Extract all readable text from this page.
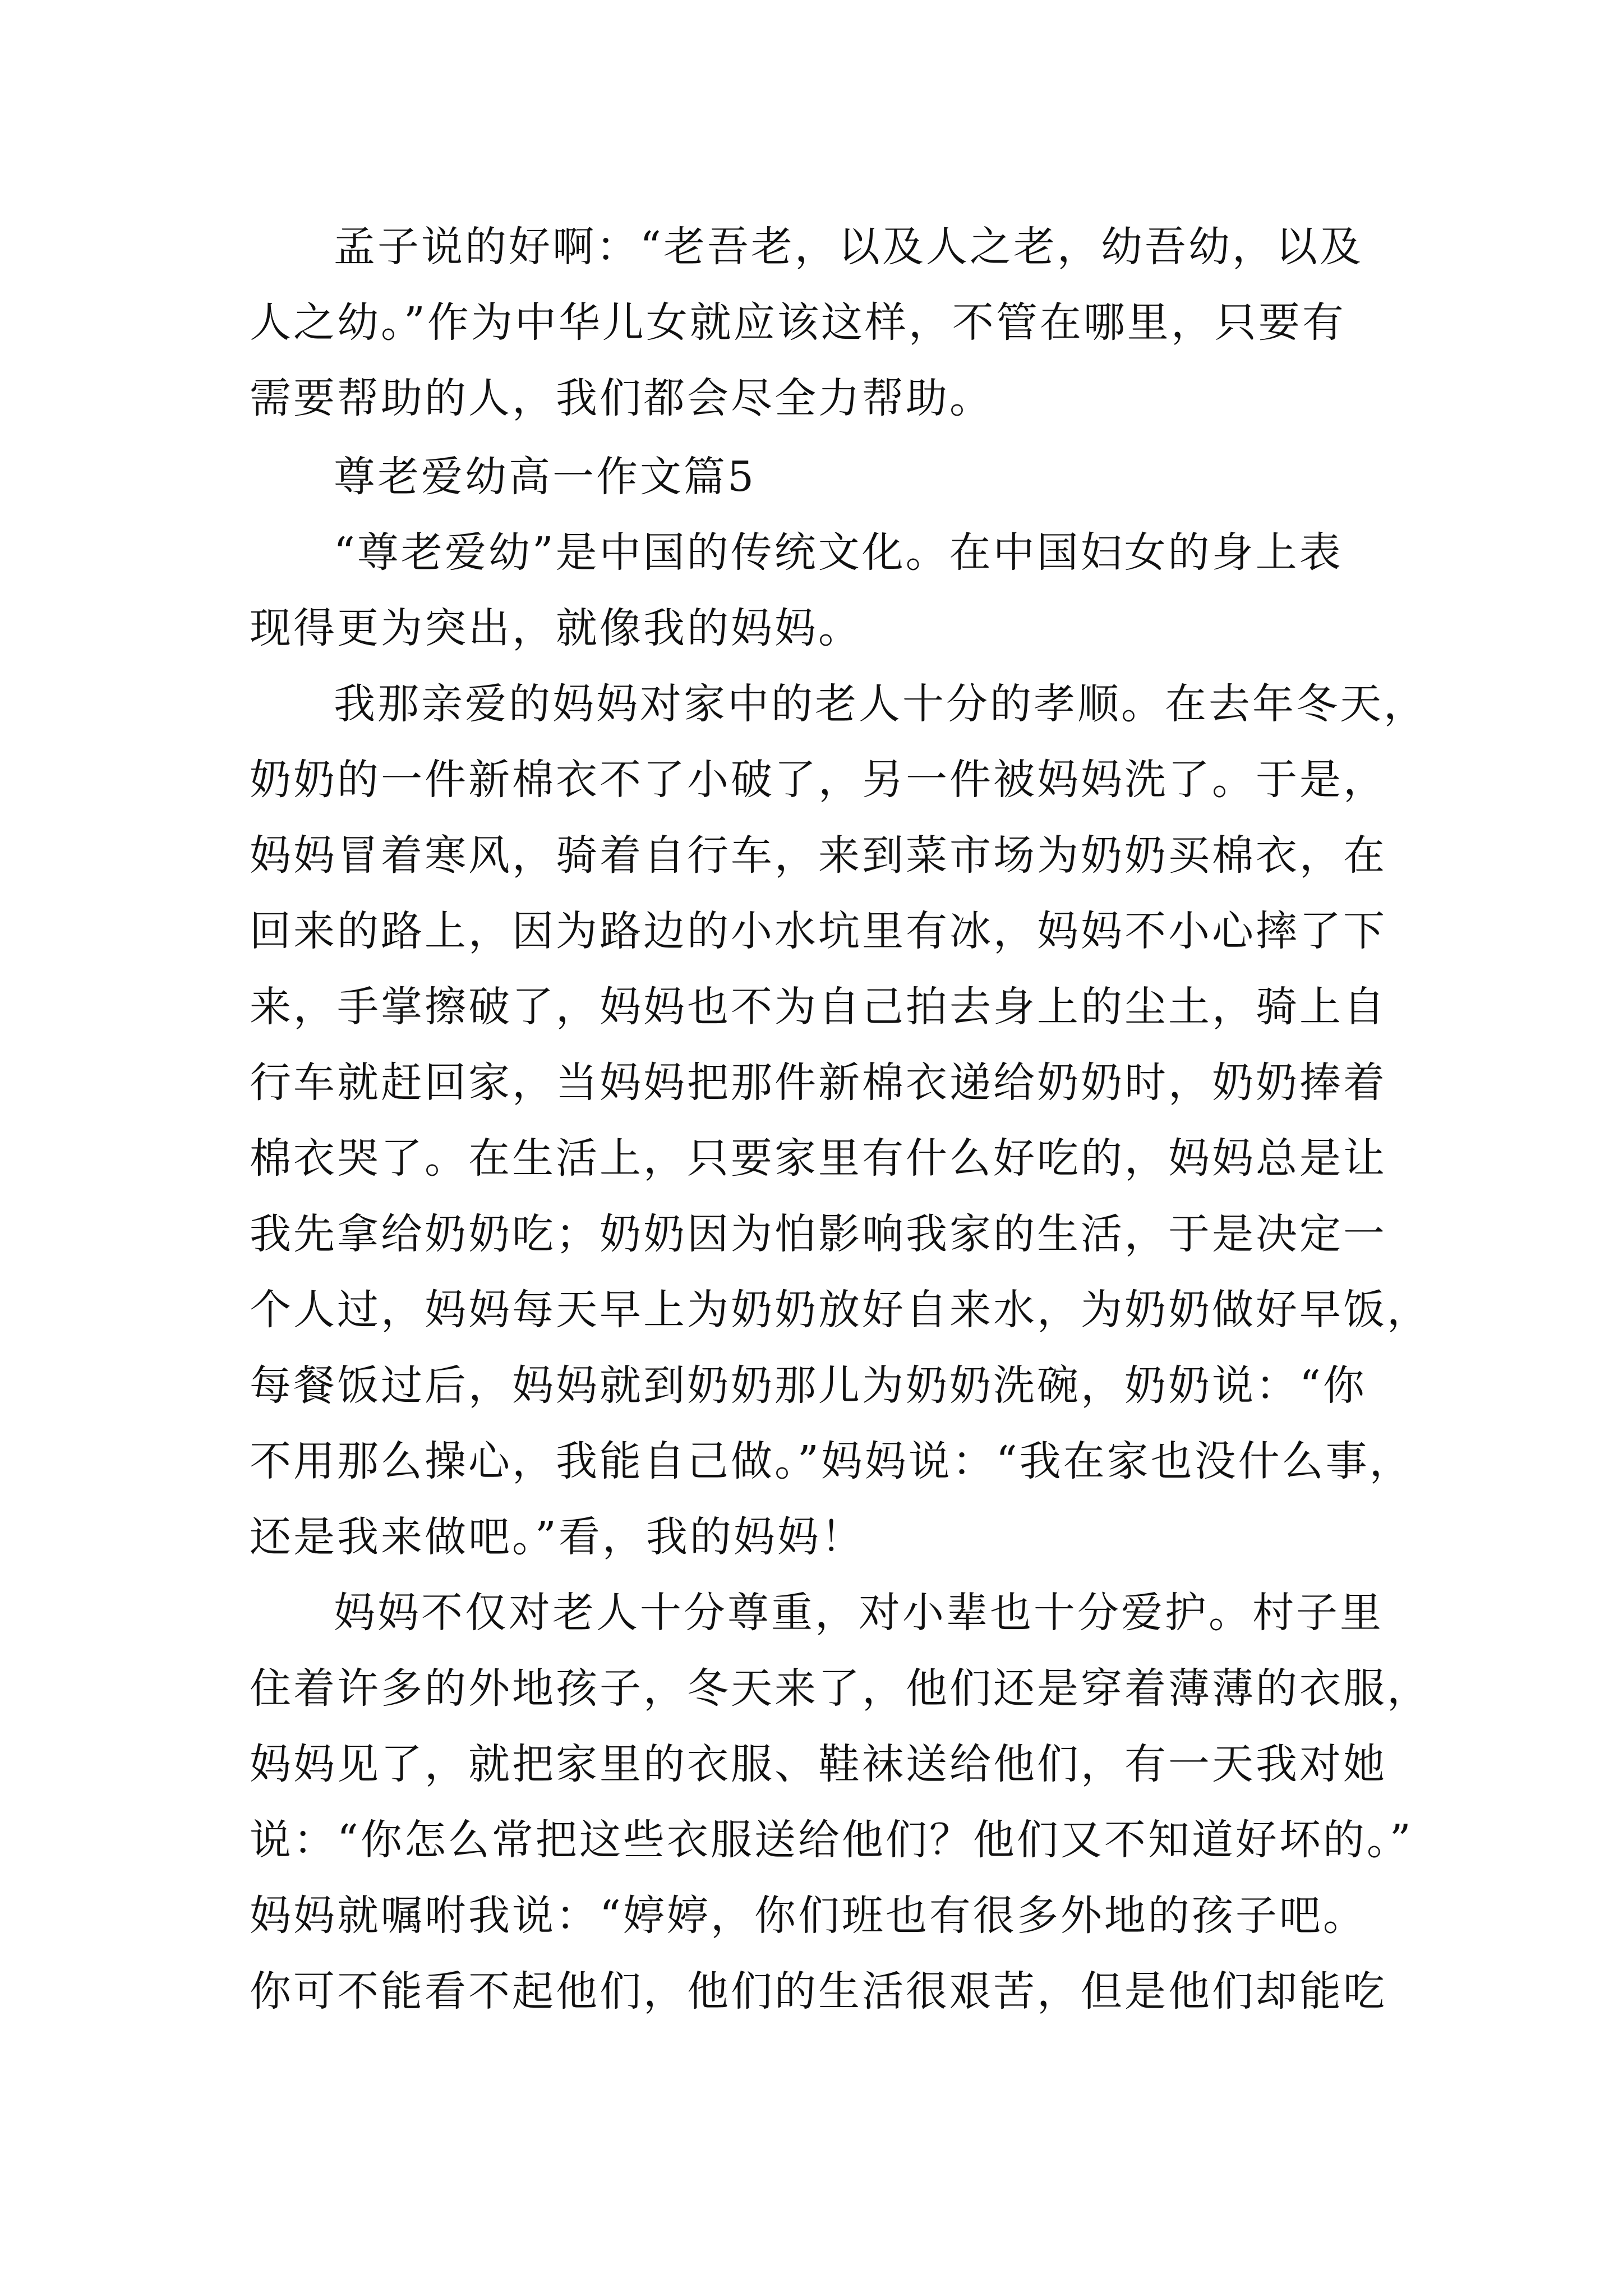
孟子说的好啊：“老吾老，以及人之老，幼吾幼，以及
人之幼。”作为中华儿女就应该这样，不管在哪里，只要有
需要帮助的人，我们都会尽全力帮助。
尊老爱幼高一作文篇5
“尊老爱幼”是中国的传统文化。在中国妇女的身上表
现得更为突出，就像我的妈妈。
我那亲爱的妈妈对家中的老人十分的孝顺。在去年冬天，
奶奶的一件新棉衣不了小破了，另一件被妈妈洗了。于是，
妈妈冒着寒风，骑着自行车，来到菜市场为奶奶买棉衣，在
回来的路上，因为路边的小水坑里有冰，妈妈不小心摔了下
来，手掌擦破了，妈妈也不为自己拍去身上的尘土，骑上自
行车就赶回家，当妈妈把那件新棉衣递给奶奶时，奶奶捧着
棉衣哭了。在生活上，只要家里有什么好吃的，妈妈总是让
我先拿给奶奶吃；奶奶因为怕影响我家的生活，于是决定一
个人过，妈妈每天早上为奶奶放好自来水，为奶奶做好早饭，
每餐饭过后，妈妈就到奶奶那儿为奶奶洗碗，奶奶说：“你
不用那么操心，我能自己做。”妈妈说：“我在家也没什么事，
还是我来做吧。”看，我的妈妈！
妈妈不仅对老人十分尊重，对小辈也十分爱护。村子里
住着许多的外地孩子，冬天来了，他们还是穿着薄薄的衣服，
妈妈见了，就把家里的衣服、鞋袜送给他们，有一天我对她
说：“你怎么常把这些衣服送给他们？他们又不知道好坏的。”
妈妈就嘱咐我说：“婷婷，你们班也有很多外地的孩子吧。
你可不能看不起他们，他们的生活很艰苦，但是他们却能吃
